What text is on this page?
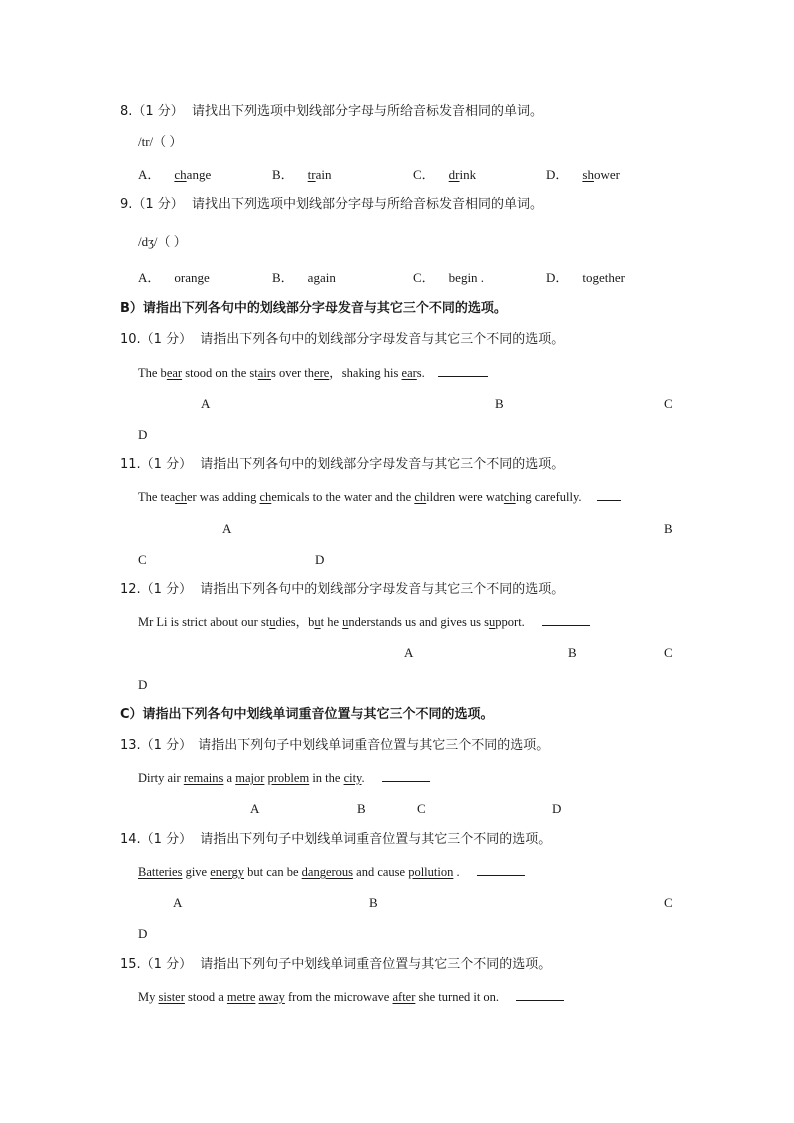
8.（1 分） 请找出下列选项中划线部分字母与所给音标发音相同的单词。
/tr/（ ）
A． change	B． train	C． drink	D． shower
9.（1 分） 请找出下列选项中划线部分字母与所给音标发音相同的单词。
/dʒ/（ ）
A． orange	B． again	C． begin .	D． together
B）请指出下列各句中的划线部分字母发音与其它三个不同的选项。
10.（1 分） 请指出下列各句中的划线部分字母发音与其它三个不同的选项。
The bear stood on the stairs over there，shaking his ears.
A	B	C
D
11.（1 分） 请指出下列各句中的划线部分字母发音与其它三个不同的选项。
The teacher was adding chemicals to the water and the children were watching carefully.
A	B
C	D
12.（1 分） 请指出下列各句中的划线部分字母发音与其它三个不同的选项。
Mr Li is strict about our studies，but he understands us and gives us support.
A	B	C
D
C）请指出下列各句中划线单词重音位置与其它三个不同的选项。
13.（1 分） 请指出下列句子中划线单词重音位置与其它三个不同的选项。
Dirty air remains a major problem in the city.
A	B	C	D
14.（1 分） 请指出下列句子中划线单词重音位置与其它三个不同的选项。
Batteries give energy but can be dangerous and cause pollution .
A	B	C
D
15.（1 分） 请指出下列句子中划线单词重音位置与其它三个不同的选项。
My sister stood a metre away from the microwave after she turned it on.
